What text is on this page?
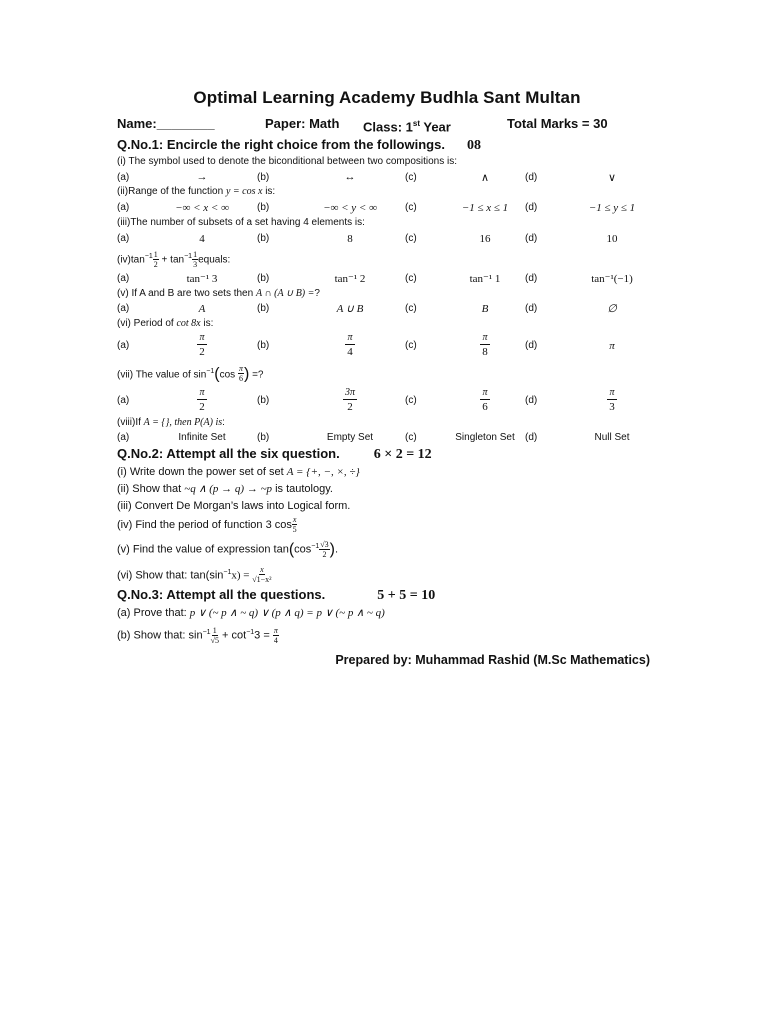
Optimal Learning Academy Budhla Sant Multan
Name:________	Paper: Math	Class: 1st Year	Total Marks = 30
Q.No.1: Encircle the right choice from the followings. 08
(i) The symbol used to denote the biconditional between two compositions is:
(a)	→	(b)	↔	(c)	∧	(d)	∨
(ii)Range of the function y = cos x is:
(a)	−∞ < x < ∞	(b)	−∞ < y < ∞	(c)	−1 ≤ x ≤ 1	(d)	−1 ≤ y ≤ 1
(iii)The number of subsets of a set having 4 elements is:
(a)	4	(b)	8	(c)	16	(d)	10
$(iv)\tan^{-1} \frac{1}{2} + \tan^{-1} \frac{1}{3}$ equals:
(a)	tan⁻¹ 3	(b)	tan⁻¹ 2	(c)	tan⁻¹ 1	(d)	tan⁻¹(−1)
(v) If A and B are two sets then A ∩ (A ∪ B) =?
(a)	A	(b)	A ∪ B	(c)	B	(d)	∅
(vi) Period of cot 8x is:
(a)	$\frac{\pi}{2}$	(b)	$\frac{\pi}{4}$	(c)	$\frac{\pi}{8}$	(d)	π
(vii) The value of $\sin^{-1}(\cos \frac{\pi}{6}$ ) =?
(a)	$\frac{\pi}{2}$	(b)	$\frac{3\pi}{2}$	(c)	$\frac{\pi}{6}$	(d)	$\frac{\pi}{3}$
(viii)If A = {}, then P(A) is:
(a)	Infinite Set	(b)	Empty Set	(c)	Singleton Set	(d)	Null Set
Q.No.2: Attempt all the six question. 6 × 2 = 12
(i) Write down the power set of set A = {+, −, ×, ÷}
(ii) Show that ~q ∧ (p → q) → ~p is tautology.
(iii) Convert De Morgan’s laws into Logical form.
(iv) Find the period of function 3 $\cos \frac{x}{5}$
(v) Find the value of expression $\tan(\cos^{-1} \frac{√3}{2}$ ).
(vi) Show that: $\tan(\sin^{-1}x) = \frac{x}{\text{√1−x²}}$
Q.No.3: Attempt all the questions.	5 + 5 = 10
(a) Prove that: p ∨ (~ p ∧ ~ q) ∨ (p ∧ q) = p ∨ (~ p ∧ ~ q)
(b) Show that: $\sin^{-1} \frac{1}{√5} + \cot^{-1}3 = \frac{\pi}{4}$
Prepared by: Muhammad Rashid (M.Sc Mathematics)
